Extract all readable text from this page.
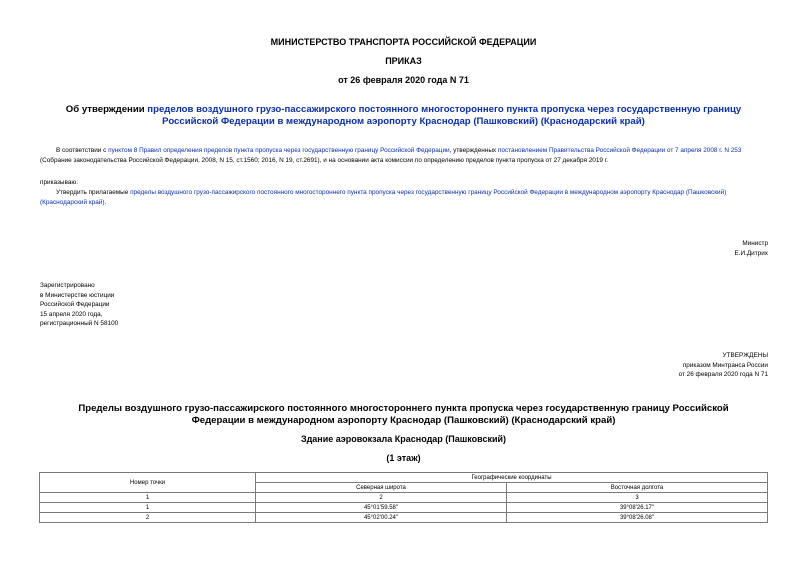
МИНИСТЕРСТВО ТРАНСПОРТА РОССИЙСКОЙ ФЕДЕРАЦИИ
ПРИКАЗ
от 26 февраля 2020 года N 71
Об утверждении пределов воздушного грузо-пассажирского постоянного многостороннего пункта пропуска через государственную границу Российской Федерации в международном аэропорту Краснодар (Пашковский) (Краснодарский край)
В соответствии с пунктом 8 Правил определения пределов пункта пропуска через государственную границу Российской Федерации, утвержденных постановлением Правительства Российской Федерации от 7 апреля 2008 г. N 253 (Собрание законодательства Российской Федерации, 2008, N 15, ст.1560; 2016, N 19, ст.2691), и на основании акта комиссии по определению пределов пункта пропуска от 27 декабря 2019 г.
приказываю:
Утвердить прилагаемые пределы воздушного грузо-пассажирского постоянного многостороннего пункта пропуска через государственную границу Российской Федерации в международном аэропорту Краснодар (Пашковский) (Краснодарский край).
Министр
Е.И.Дитрих
Зарегистрировано
в Министерстве юстиции
Российской Федерации
15 апреля 2020 года,
регистрационный N 58100
УТВЕРЖДЕНЫ
приказом Минтранса России
от 26 февраля 2020 года N 71
Пределы воздушного грузо-пассажирского постоянного многостороннего пункта пропуска через государственную границу Российской Федерации в международном аэропорту Краснодар (Пашковский) (Краснодарский край)
Здание аэровокзала Краснодар (Пашковский)
(1 этаж)
Номер точки	Географические координаты	
	Северная широта	Восточная долгота
1	2	3
1	45°01'59.58"	39°08'26.17"
2	45°02'00.24"	39°08'26.08"
